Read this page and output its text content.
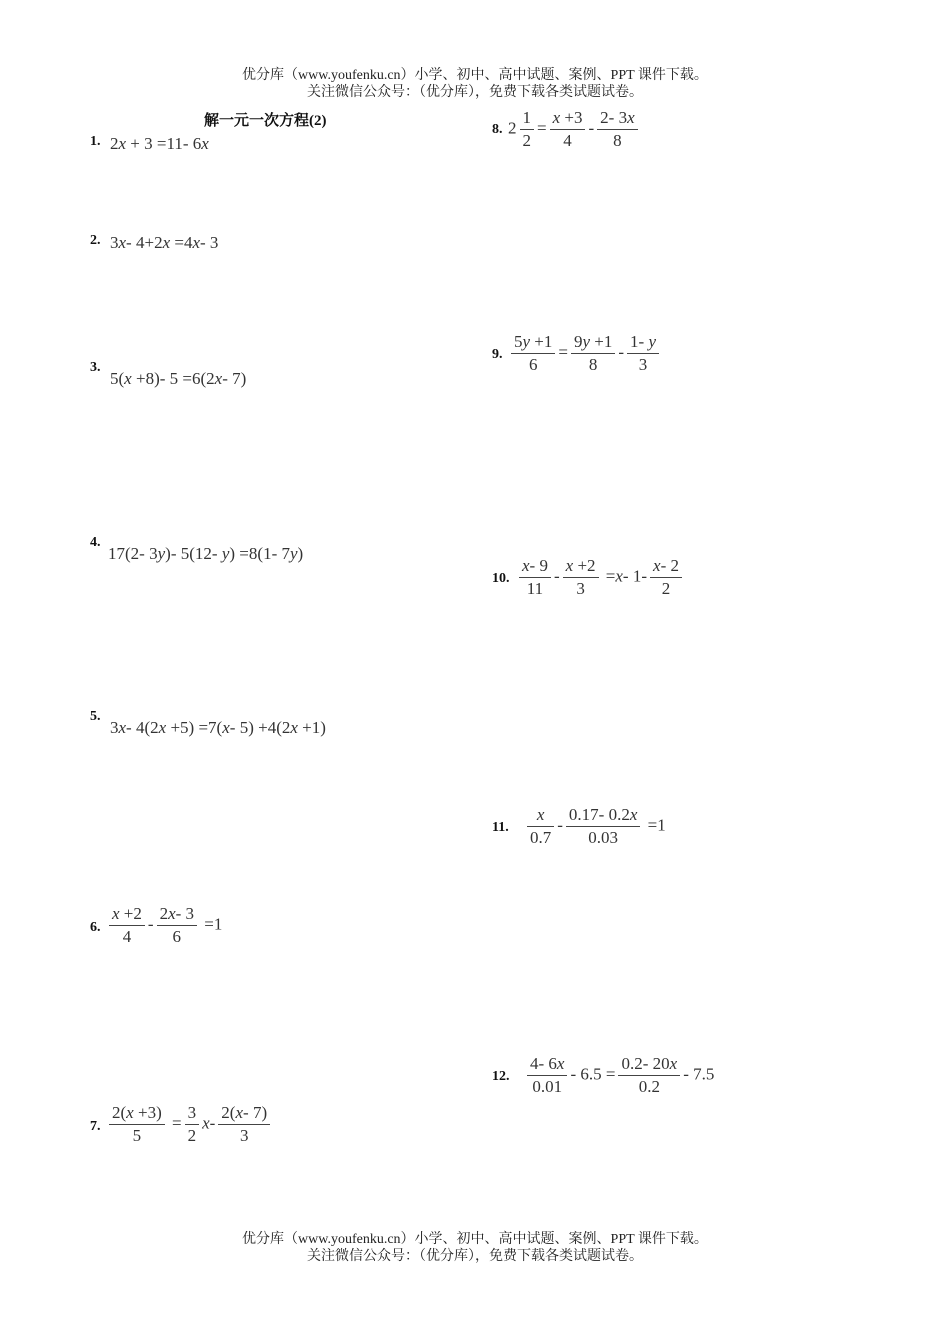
优分库（www.youfenku.cn）小学、初中、高中试题、案例、PPT 课件下载。
关注微信公众号：（优分库），免费下载各类试题试卷。
解一元一次方程(2)
1. 2x + 3 =11- 6x
2. 3x- 4+2x =4x- 3
3.
5(x +8)- 5 =6(2x- 7)
4.
17(2- 3y)- 5(12- y) =8(1- 7y)
5.
3x- 4(2x +5) =7(x- 5) +4(2x +1)
6. $\frac{x +2}{4} - \frac{2x- 3}{6} =1$
7. $\frac{2(x +3)}{5} = \frac{3}{2} x- \frac{2(x- 7)}{3}$
8. $2 \frac{1}{2} = \frac{x +3}{4} - \frac{2- 3x}{8}$
9. $\frac{5y +1}{6} = \frac{9y +1}{8} - \frac{1- y}{3}$
10. $\frac{x- 9}{11} - \frac{x +2}{3} =x-$ $1- \frac{x- 2}{2}$
11. $\frac{x}{0.7} - \frac{0.17- 0.2x}{0.03} =1$
12. $\frac{4- 6x}{0.01} - 6.5 = \frac{0.2- 20x}{0.2} - 7.5$
优分库（www.youfenku.cn）小学、初中、高中试题、案例、PPT 课件下载。
关注微信公众号：（优分库），免费下载各类试题试卷。
